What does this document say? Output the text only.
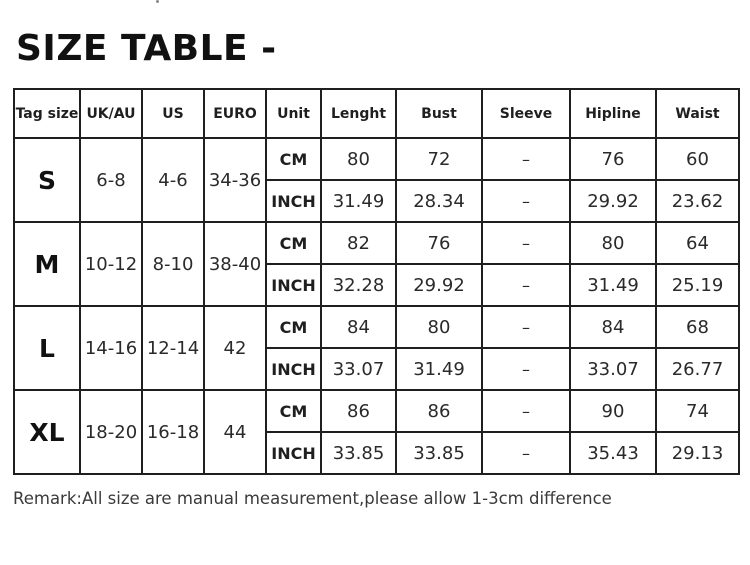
SIZE TABLE -
Tag size	UK/AU	US	EURO	Unit	Lenght	Bust	Sleeve	Hipline	Waist
S	6-8	4-6	34-36	CM	80	72	–	76	60
				INCH	31.49	28.34	–	29.92	23.62
M	10-12	8-10	38-40	CM	82	76	–	80	64
				INCH	32.28	29.92	–	31.49	25.19
L	14-16	12-14	42	CM	84	80	–	84	68
				INCH	33.07	31.49	–	33.07	26.77
XL	18-20	16-18	44	CM	86	86	–	90	74
				INCH	33.85	33.85	–	35.43	29.13
Remark:All size are manual measurement,please allow 1-3cm difference
